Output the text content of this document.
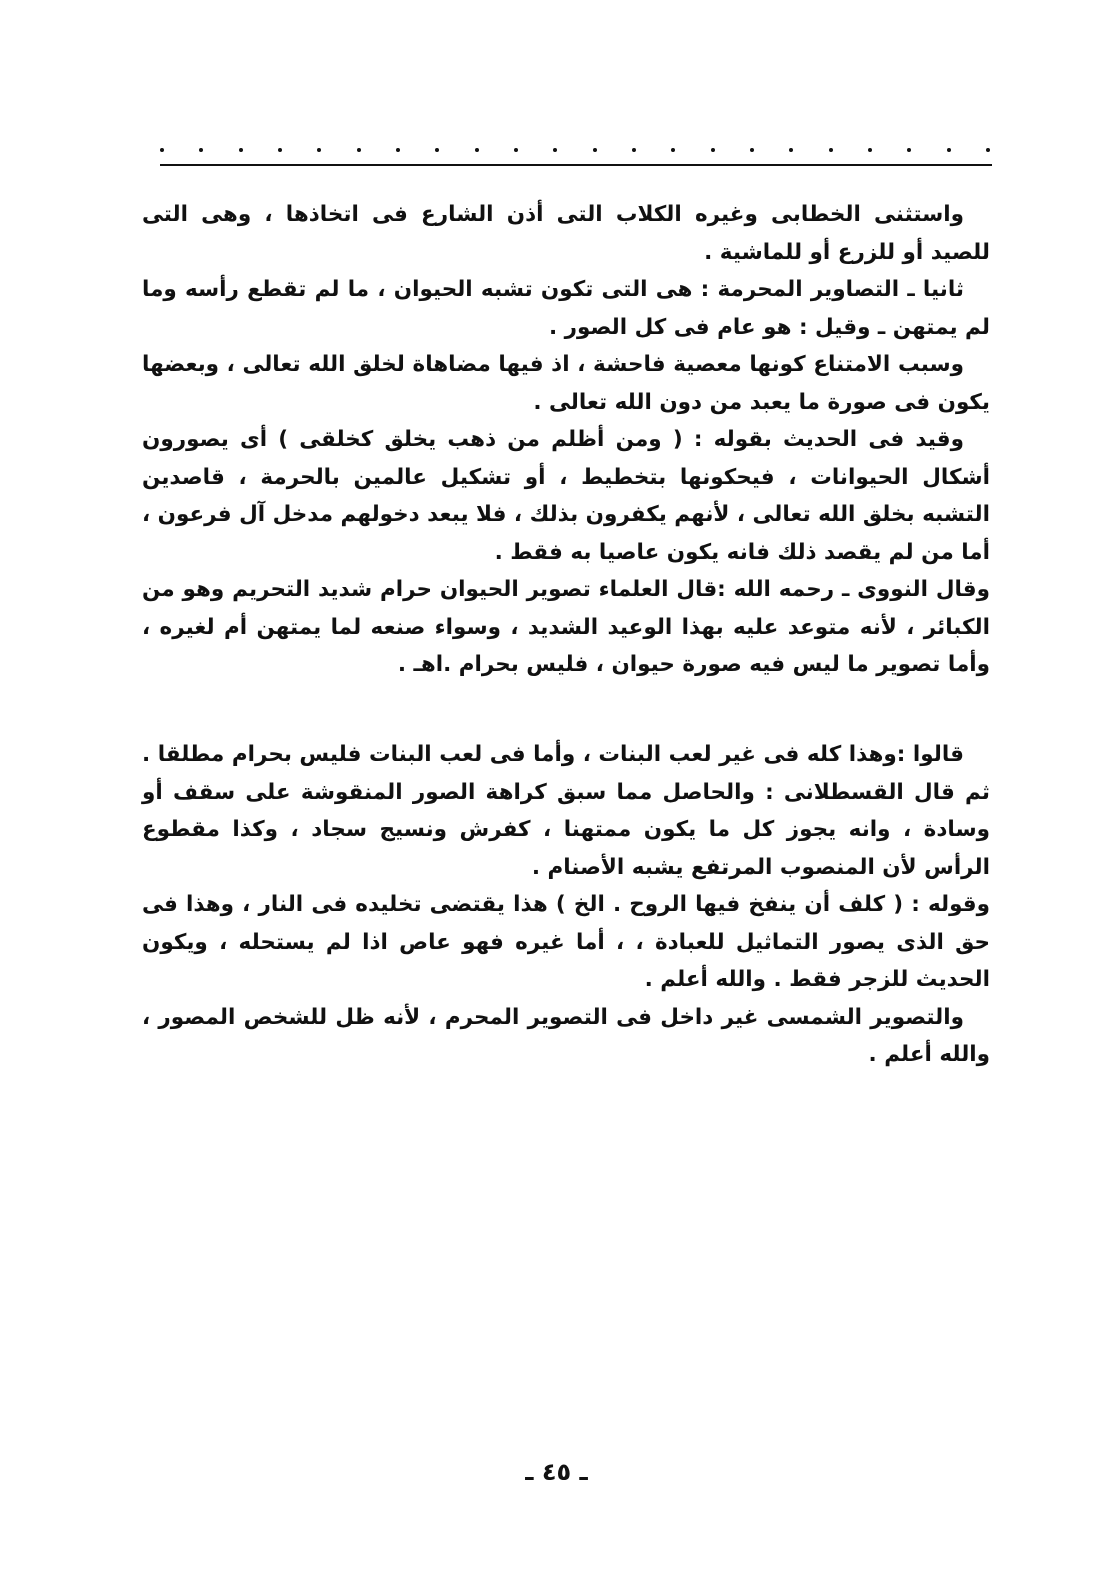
واستثنى الخطابى وغيره الكلاب التى أذن الشارع فى اتخاذها ، وهى التى للصيد أو للزرع أو للماشية .

ثانيا ـ التصاوير المحرمة : هى التى تكون تشبه الحيوان ، ما لم تقطع رأسه وما لم يمتهن ـ وقيل : هو عام فى كل الصور .

وسبب الامتناع كونها معصية فاحشة ، اذ فيها مضاهاة لخلق الله تعالى ، وبعضها يكون فى صورة ما يعبد من دون الله تعالى .

وقيد فى الحديث بقوله : ( ومن أظلم من ذهب يخلق كخلقى ) أى يصورون أشكال الحيوانات ، فيحكونها بتخطيط ، أو تشكيل عالمين بالحرمة ، قاصدين التشبه بخلق الله تعالى ، لأنهم يكفرون بذلك ، فلا يبعد دخولهم مدخل آل فرعون ، أما من لم يقصد ذلك فانه يكون عاصيا به فقط .

وقال النووى ـ رحمه الله :قال العلماء تصوير الحيوان حرام شديد التحريم وهو من الكبائر ، لأنه متوعد عليه بهذا الوعيد الشديد ، وسواء صنعه لما يمتهن أم لغيره ، وأما تصوير ما ليس فيه صورة حيوان ، فليس بحرام .اهـ .

قالوا :وهذا كله فى غير لعب البنات ، وأما فى لعب البنات فليس بحرام مطلقا . ثم قال القسطلانى : والحاصل مما سبق كراهة الصور المنقوشة على سقف أو وسادة ، وانه يجوز كل ما يكون ممتهنا ، كفرش ونسيج سجاد ، وكذا مقطوع الرأس لأن المنصوب المرتفع يشبه الأصنام .

وقوله : ( كلف أن ينفخ فيها الروح . الخ ) هذا يقتضى تخليده فى النار ، وهذا فى حق الذى يصور التماثيل للعبادة ، ، أما غيره فهو عاص اذا لم يستحله ، ويكون الحديث للزجر فقط . والله أعلم .

والتصوير الشمسى غير داخل فى التصوير المحرم ، لأنه ظل للشخص المصور ، والله أعلم .

ـ ٤٥ ـ
